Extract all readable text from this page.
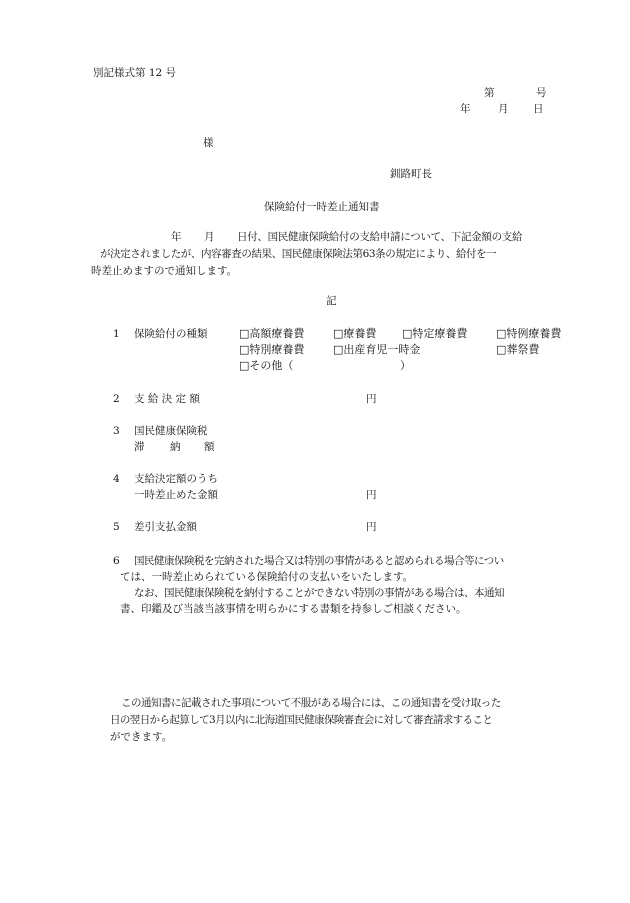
別記様式第 12 号
第	号
年	月 日
様
釧路町長
保険給付一時差止通知書
年 月 日付、国民健康保険給付の支給申請について、下記金額の支給
が決定されましたが、内容審査の結果、国民健康保険法第63条の規定により、給付を一
時差止めますので通知します。
記
1 保険給付の種類	□高額療養費	□療養費 □特定療養費	□特例療養費
□特別療養費	□出産育児一時金	□葬祭費
□その他（	）
2 支 給 決 定 額	円
3 国民健康保険税
滞 納 額
4 支給決定額のうち
一時差止めた金額	円
5 差引支払金額	円
6 国民健康保険税を完納された場合又は特別の事情があると認められる場合等につい
ては、一時差止められている保険給付の支払いをいたします。
なお、国民健康保険税を納付することができない特別の事情がある場合は、本通知
書、印鑑及び当該当該事情を明らかにする書類を持参しご相談ください。
この通知書に記載された事項について不服がある場合には、この通知書を受け取った
日の翌日から起算して3月以内に北海道国民健康保険審査会に対して審査請求すること
ができます。
